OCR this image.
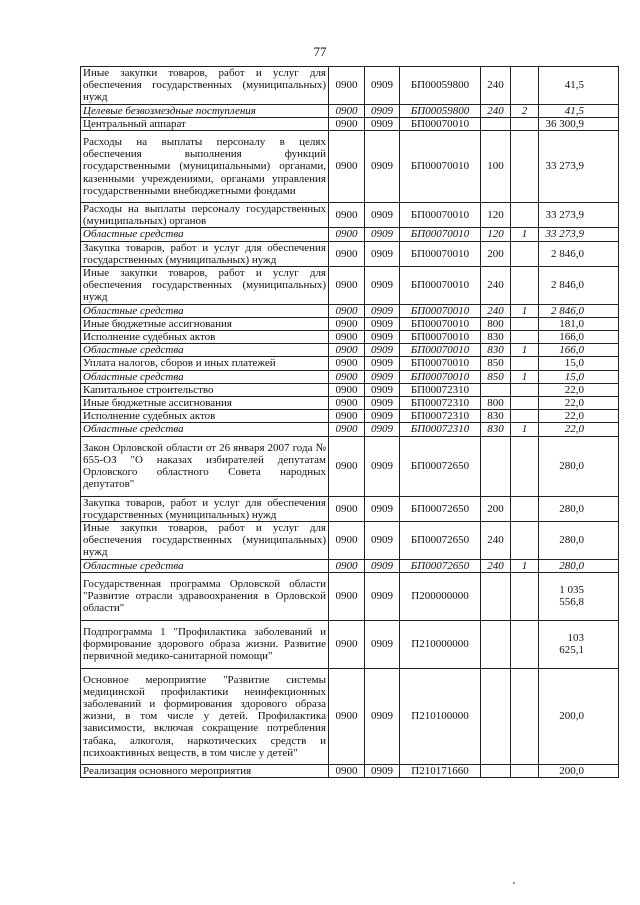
77
Иные закупки товаров, работ и услуг для обеспечения государственных (муниципальных) нужд	0900	0909	БП00059800	240		41,5
Целевые безвозмездные поступления	0900	0909	БП00059800	240	2	41,5
Центральный аппарат	0900	0909	БП00070010			36 300,9
Расходы на выплаты персоналу в целях обеспечения выполнения функций государственными (муниципальными) органами, казенными учреждениями, органами управления государственными внебюджетными фондами	0900	0909	БП00070010	100		33 273,9
Расходы на выплаты персоналу государственных (муниципальных) органов	0900	0909	БП00070010	120		33 273,9
Областные средства	0900	0909	БП00070010	120	1	33 273,9
Закупка товаров, работ и услуг для обеспечения государственных (муниципальных) нужд	0900	0909	БП00070010	200		2 846,0
Иные закупки товаров, работ и услуг для обеспечения государственных (муниципальных) нужд	0900	0909	БП00070010	240		2 846,0
Областные средства	0900	0909	БП00070010	240	1	2 846,0
Иные бюджетные ассигнования	0900	0909	БП00070010	800		181,0
Исполнение судебных актов	0900	0909	БП00070010	830		166,0
Областные средства	0900	0909	БП00070010	830	1	166,0
Уплата налогов, сборов и иных платежей	0900	0909	БП00070010	850		15,0
Областные средства	0900	0909	БП00070010	850	1	15,0
Капитальное строительство	0900	0909	БП00072310			22,0
Иные бюджетные ассигнования	0900	0909	БП00072310	800		22,0
Исполнение судебных актов	0900	0909	БП00072310	830		22,0
Областные средства	0900	0909	БП00072310	830	1	22,0
Закон Орловской области от 26 января 2007 года № 655-ОЗ "О наказах избирателей депутатам Орловского областного Совета народных депутатов"	0900	0909	БП00072650			280,0
Закупка товаров, работ и услуг для обеспечения государственных (муниципальных) нужд	0900	0909	БП00072650	200		280,0
Иные закупки товаров, работ и услуг для обеспечения государственных (муниципальных) нужд	0900	0909	БП00072650	240		280,0
Областные средства	0900	0909	БП00072650	240	1	280,0
Государственная программа Орловской области "Развитие отрасли здравоохранения в Орловской области"	0900	0909	П200000000			1 035 556,8
Подпрограмма 1 "Профилактика заболеваний и формирование здорового образа жизни. Развитие первичной медико-санитарной помощи"	0900	0909	П210000000			103 625,1
Основное мероприятие "Развитие системы медицинской профилактики неинфекционных заболеваний и формирования здорового образа жизни, в том числе у детей. Профилактика зависимости, включая сокращение потребления табака, алкоголя, наркотических средств и психоактивных веществ, в том числе у детей"	0900	0909	П210100000			200,0
Реализация основного мероприятия	0900	0909	П210171660			200,0
